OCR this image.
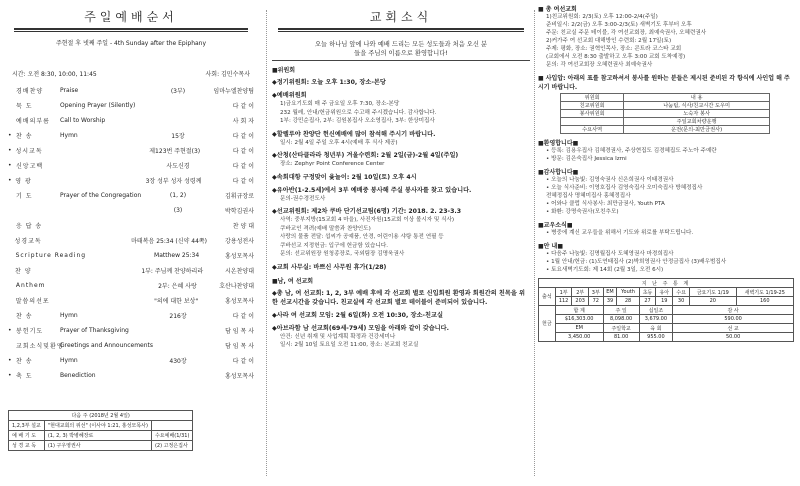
주일예배순서
주현절 후 넷째 주일 - 4th Sunday after the Epiphany
시간: 오전 8:30, 10:00, 11:45	사회: 김민수목사
경배찬양	Praise	(3부)	임마누엘찬양팀
묵 도	Opening Prayer (Silently)	다 같 이
예배의부름	Call to Worship	사 회 자
• 찬 송	Hymn	15장	다 같 이
• 성시교독	제123번 주현절(3)	다 같 이
• 신앙고백	사도신경	다 같 이
• 영 광	3장 성부 성자 성령께	다 같 이
기 도	Prayer of the Congregation	(1, 2)	김휘규장로
(3)	박학김권사
응 답 송	찬 양 대
성경교독	마태복음 25:34 (신약 44쪽)	강용성전사
Scripture Reading	Matthew 25:34	홍성모목사
찬 양	1부: 주님께 찬양하리라	시온찬양대
Anthem	2부: 은혜 사랑	호산나찬양대
말씀의선포	"의에 대한 보상"	홍성모목사
찬 송	Hymn	216장	다 같 이
• 봉헌기도	Prayer of Thanksgiving	담 임 목 사
교회소식및환영
Greetings and Announcements	담 임 목 사
• 찬 송	Hymn	430장	다 같 이
• 축 도	Benediction	홍성모목사
다음 주 (2018년 2월 4일)		
1,2,3부 설교	"현대교회의 위선" (이사야 1:21, 홍성모목사)	
예 배 기 도	(1, 2, 3) 박병혜장로	수요예배(1/31)
성 경 교 독	(1) 구우영권사	(2) 고정은집사
교회소식
오늘 하나님 앞에 나와 예배 드리는 모든 성도들과 처음 오신 분들을 주님의 이름으로 환영합니다!
■위원회
◆정기위원회: 오늘 오후 1:30, 장소-본당
◆예배위원회
1)금요기도회 매 주 금요일 오후 7:30, 장소-본당
232 월레, 안내/헌금위원으로 수고해 주시겠습니다. 감사합니다.
1부: 강민순집사, 2부: 김원봉집사 오소영집사, 3부: 한상미집사
◆할렐루야 찬양단 헌신예배에 많이 참석해 주시기 바랍니다.
일시: 2월 4일 주일 오후 4시(예배 후 식사 제공)
◆산청(산타클라라 청년부) 겨울수련회: 2월 2일(금)-2월 4일(주일)
장소: Zephyr Point Conference Center
◆속회대항 구정맞이 윷놀이: 2월 10일(토) 오후 4시
◆유아반(1-2.5세)에서 3부 예배중 봉사해 주실 봉사자를 찾고 있습니다.
문의-권수경전도사
◆선교위원회: 제2차 쿠바 단기선교팀(6명) 기간: 2018. 2. 23-3.3
사역: 중부지방(15교회 4 마을), 사진자원(15교회 이상 볼시자 및 식사)
쿠바교인 격려(예배 말씀과 찬양인도)
사랑의 물품 전달: 섭씨가 공예품, 안경, 어린이용 샤탕 통전 연필 등
쿠바선교 지정헌금: 입구에 헌금함 있습니다.
문의: 선교위원장 원청종장로, 국외팀장 김명욱권사
◆교회 사무실: 바쁘신 사무원 휴가(1/28)
■남, 여 선교회
◆총 남, 여 선교회: 1, 2, 3부 예배 후에 각 선교회 별로 신입회원 환영과 회원간의 친목을 위한 선교시간을 갖습니다. 친교실에 각 선교회 별로 테이블이 준비되어 있습니다.
◆사라 여 선교회 모임: 2월 6일(화) 오전 10:30, 장소-친교실
◆아브라함 남 선교회(69세-79세) 모임을 아래와 같이 갖습니다.
안건: 신년 취재 및 사업계획 확정과 건강세미나
일시: 2월 10일 토요일 오전 11:00, 장소: 본교회 친교실
■ 총 여선교회
1)친교위원회: 2/3(토) 오후 12:00-2/4(주일)
준비일시: 2/2(금) 오후 3:00-2/3(토) 새벽기도 후부터 오후
주문: 친교실 주문 테이블, 각 여선교회장, 최예숙권사, 오혜련권사
2)커가주 여 선교회 대해방인 수련회: 2월 17일(토)
주제: 평화, 장소: 권혁인목사, 장소: 콘트라 코스타 교회
(교회에서 오전 8:30 출발하고 오후 3:00 교회 도착예정)
문의: 각 여선교회장 오혜련권사 최예숙권사
■ 사입압: 아래의 표를 참고하셔서 봉사를 원하는 분들은 제시된 준비된 각 항식에 사인업 해 주시기 바랍니다.
위원회	내 용
친교위원회	나눔팀, 식사/친교시간 도우미
봉사위원회	노숙자 봉사
	주일교회차량운행
수요사역	운전(문의-최만금권사)
■환영합니다■
• 등록: 김용우집사 김혜경권사, 주상현집도 김경혜집도 주노아 주예란
• 방문: 김은숙집사 Jessica Izmi
■감사합니다■
• 오늘의 나눔빛: 김영숙권사 신은희권사 이태경권사
• 오늘 식사준비: 이영호집사 김영숙집사 오미숙집사 방혜정집사
전혜정집사 명혜미집사 홍혜정집사
• 어와나 클럽 식사봉사: 최만금권사, Youth PTA
• 화환: 강명숙권사(모친추모)
■교우소식■
• 병중에 계신 교우들을 위해서 기도와 위로를 부탁드립니다.
■안 내■
• 다음주 나눔빛: 김명월집사 도혜영권사 마경희집사
• 1월 안내/헌금: (1)도연태집사 (2)박희영권사 안정금집사 (3)배우범집사
• 토요새벽기도회: 제 14회 (2월 3일, 오전 6시)
지 난 주 통 계										
출석	1부	2부	3부	EM	Youth	초등	유아	수요	금요기도 1/19	새벽기도 1/19-25
	112	203	72	39	28	27	19	30	20	160
헌금	합 계			주 일		십일조		감 사		
	$16,303.00			8,098.00		3,679.00		590.00		
	EM			주일학교		육 회		선 교		
	3,450.00			81.00		955.00		50.00		
